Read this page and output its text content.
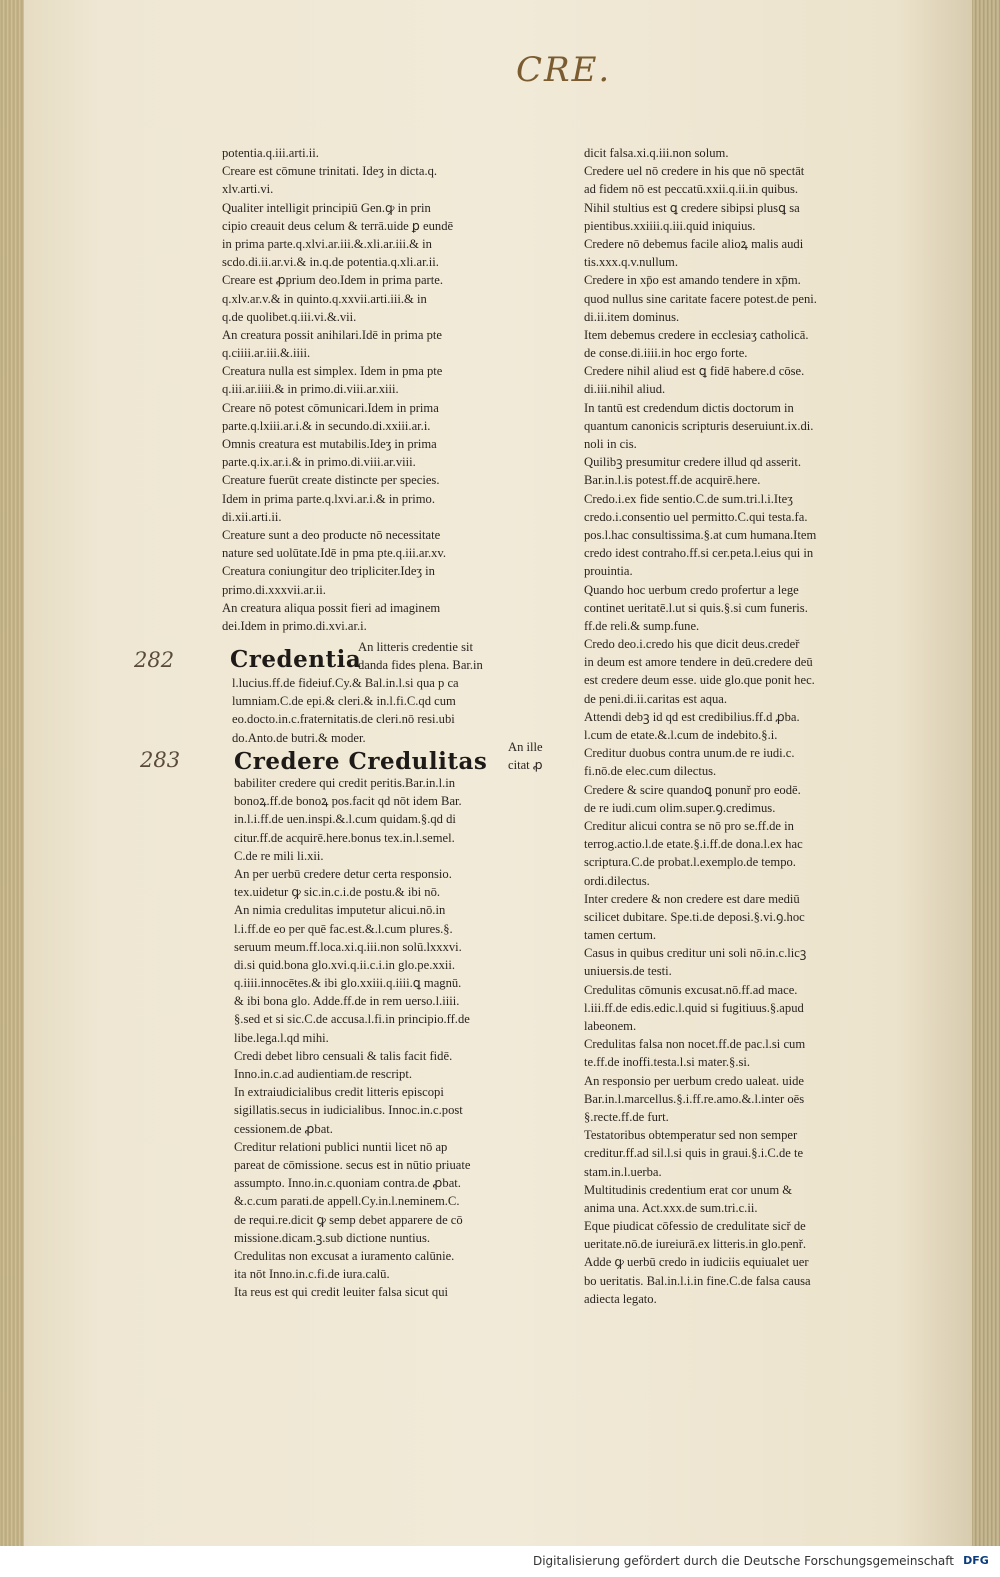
CRE.
282
283
potentia.q.iii.arti.ii.
Creare est cōmune trinitati. Ideʒ in dicta.q.
xlv.arti.vi.
Qualiter intelligit principiū Gen.ꝙ in prin
cipio creauit deus celum & terrā.uide ꝑ eundē
in prima parte.q.xlvi.ar.iii.&.xli.ar.iii.& in
scdo.di.ii.ar.vi.& in.q.de potentia.q.xli.ar.ii.
Creare est ꝓprium deo.Idem in prima parte.
q.xlv.ar.v.& in quinto.q.xxvii.arti.iii.& in
q.de quolibet.q.iii.vi.&.vii.
An creatura possit anihilari.Idē in prima pte
q.ciiii.ar.iii.&.iiii.
Creatura nulla est simplex. Idem in pma pte
q.iii.ar.iiii.& in primo.di.viii.ar.xiii.
Creare nō potest cōmunicari.Idem in prima
parte.q.lxiii.ar.i.& in secundo.di.xxiii.ar.i.
Omnis creatura est mutabilis.Ideʒ in prima
parte.q.ix.ar.i.& in primo.di.viii.ar.viii.
Creature fuerūt create distincte per species.
Idem in prima parte.q.lxvi.ar.i.& in primo.
di.xii.arti.ii.
Creature sunt a deo producte nō necessitate
nature sed uolūtate.Idē in pma pte.q.iii.ar.xv.
Creatura coniungitur deo tripliciter.Ideʒ in
primo.di.xxxvii.ar.ii.
An creatura aliqua possit fieri ad imaginem
dei.Idem in primo.di.xvi.ar.i.
Credentia
An litteris credentie sit
danda fides plena. Bar.in
l.lucius.ff.de fideiuf.Cy.& Bal.in.l.si qua p ca
lumniam.C.de epi.& cleri.& in.l.fi.C.qd cum
eo.docto.in.c.fraternitatis.de cleri.nō resi.ubi
do.Anto.de butri.& moder.
Credere Credulitas
An ille
citat ꝓ
babiliter credere qui credit peritis.Bar.in.l.in
bonoꝝ.ff.de bonoꝝ pos.facit qd nōt idem Bar.
in.l.i.ff.de uen.inspi.&.l.cum quidam.§.qd di
citur.ff.de acquirē.here.bonus tex.in.l.semel.
C.de re mili li.xii.
An per uerbū credere detur certa responsio.
tex.uidetur ꝙ sic.in.c.i.de postu.& ibi nō.
An nimia credulitas imputetur alicui.nō.in
l.i.ff.de eo per quē fac.est.&.l.cum plures.§.
seruum meum.ff.loca.xi.q.iii.non solū.lxxxvi.
di.si quid.bona glo.xvi.q.ii.c.i.in glo.pe.xxii.
q.iiii.innocētes.& ibi glo.xxiii.q.iiii.ꝗ magnū.
& ibi bona glo. Adde.ff.de in rem uerso.l.iiii.
§.sed et si sic.C.de accusa.l.fi.in principio.ff.de
libe.lega.l.qd mihi.
Credi debet libro censuali & talis facit fidē.
Inno.in.c.ad audientiam.de rescript.
In extraiudicialibus credit litteris episcopi
sigillatis.secus in iudicialibus. Innoc.in.c.post
cessionem.de ꝓbat.
Creditur relationi publici nuntii licet nō ap
pareat de cōmissione. secus est in nūtio priuate
assumpto. Inno.in.c.quoniam contra.de ꝓbat.
&.c.cum parati.de appell.Cy.in.l.neminem.C.
de requi.re.dicit ꝙ semp debet apparere de cō
missione.dicam.ꝫ.sub dictione nuntius.
Credulitas non excusat a iuramento calūnie.
ita nōt Inno.in.c.fi.de iura.calū.
Ita reus est qui credit leuiter falsa sicut qui
dicit falsa.xi.q.iii.non solum.
Credere uel nō credere in his que nō spectāt
ad fidem nō est peccatū.xxii.q.ii.in quibus.
Nihil stultius est ꝗ credere sibipsi plusꝗ sa
pientibus.xxiiii.q.iii.quid iniquius.
Credere nō debemus facile alioꝝ malis audi
tis.xxx.q.v.nullum.
Credere in xp̄o est amando tendere in xp̄m.
quod nullus sine caritate facere potest.de peni.
di.ii.item dominus.
Item debemus credere in ecclesiaʒ catholicā.
de conse.di.iiii.in hoc ergo forte.
Credere nihil aliud est ꝗ fidē habere.d cōse.
di.iii.nihil aliud.
In tantū est credendum dictis doctorum in
quantum canonicis scripturis deseruiunt.ix.di.
noli in cis.
Quilibꝫ presumitur credere illud qd asserit.
Bar.in.l.is potest.ff.de acquirē.here.
Credo.i.ex fide sentio.C.de sum.tri.l.i.Iteʒ
credo.i.consentio uel permitto.C.qui testa.fa.
pos.l.hac consultissima.§.at cum humana.Item
credo idest contraho.ff.si cer.peta.l.eius qui in
prouintia.
Quando hoc uerbum credo profertur a lege
continet ueritatē.l.ut si quis.§.si cum funeris.
ff.de reli.& sump.fune.
Credo deo.i.credo his que dicit deus.credeř
in deum est amore tendere in deū.credere deū
est credere deum esse. uide glo.que ponit hec.
de peni.di.ii.caritas est aqua.
Attendi debꝫ id qd est credibilius.ff.d ꝓba.
l.cum de etate.&.l.cum de indebito.§.i.
Creditur duobus contra unum.de re iudi.c.
fi.nō.de elec.cum dilectus.
Credere & scire quandoꝗ ponunř pro eodē.
de re iudi.cum olim.super.ꝯ.credimus.
Creditur alicui contra se nō pro se.ff.de in
terrog.actio.l.de etate.§.i.ff.de dona.l.ex hac
scriptura.C.de probat.l.exemplo.de tempo.
ordi.dilectus.
Inter credere & non credere est dare mediū
scilicet dubitare. Spe.ti.de deposi.§.vi.ꝯ.hoc
tamen certum.
Casus in quibus creditur uni soli nō.in.c.licꝫ
uniuersis.de testi.
Credulitas cōmunis excusat.nō.ff.ad mace.
l.iii.ff.de edis.edic.l.quid si fugitiuus.§.apud
labeonem.
Credulitas falsa non nocet.ff.de pac.l.si cum
te.ff.de inoffi.testa.l.si mater.§.si.
An responsio per uerbum credo ualeat. uide
Bar.in.l.marcellus.§.i.ff.re.amo.&.l.inter oēs
§.recte.ff.de furt.
Testatoribus obtemperatur sed non semper
creditur.ff.ad sil.l.si quis in graui.§.i.C.de te
stam.in.l.uerba.
Multitudinis credentium erat cor unum &
anima una. Act.xxx.de sum.tri.c.ii.
Eque piudicat cōfessio de credulitate sicř de
ueritate.nō.de iureiurā.ex litteris.in glo.penř.
Adde ꝙ uerbū credo in iudiciis equiualet uer
bo ueritatis. Bal.in.l.i.in fine.C.de falsa causa
adiecta legato.
Digitalisierung gefördert durch die Deutsche Forschungsgemeinschaft DFG
